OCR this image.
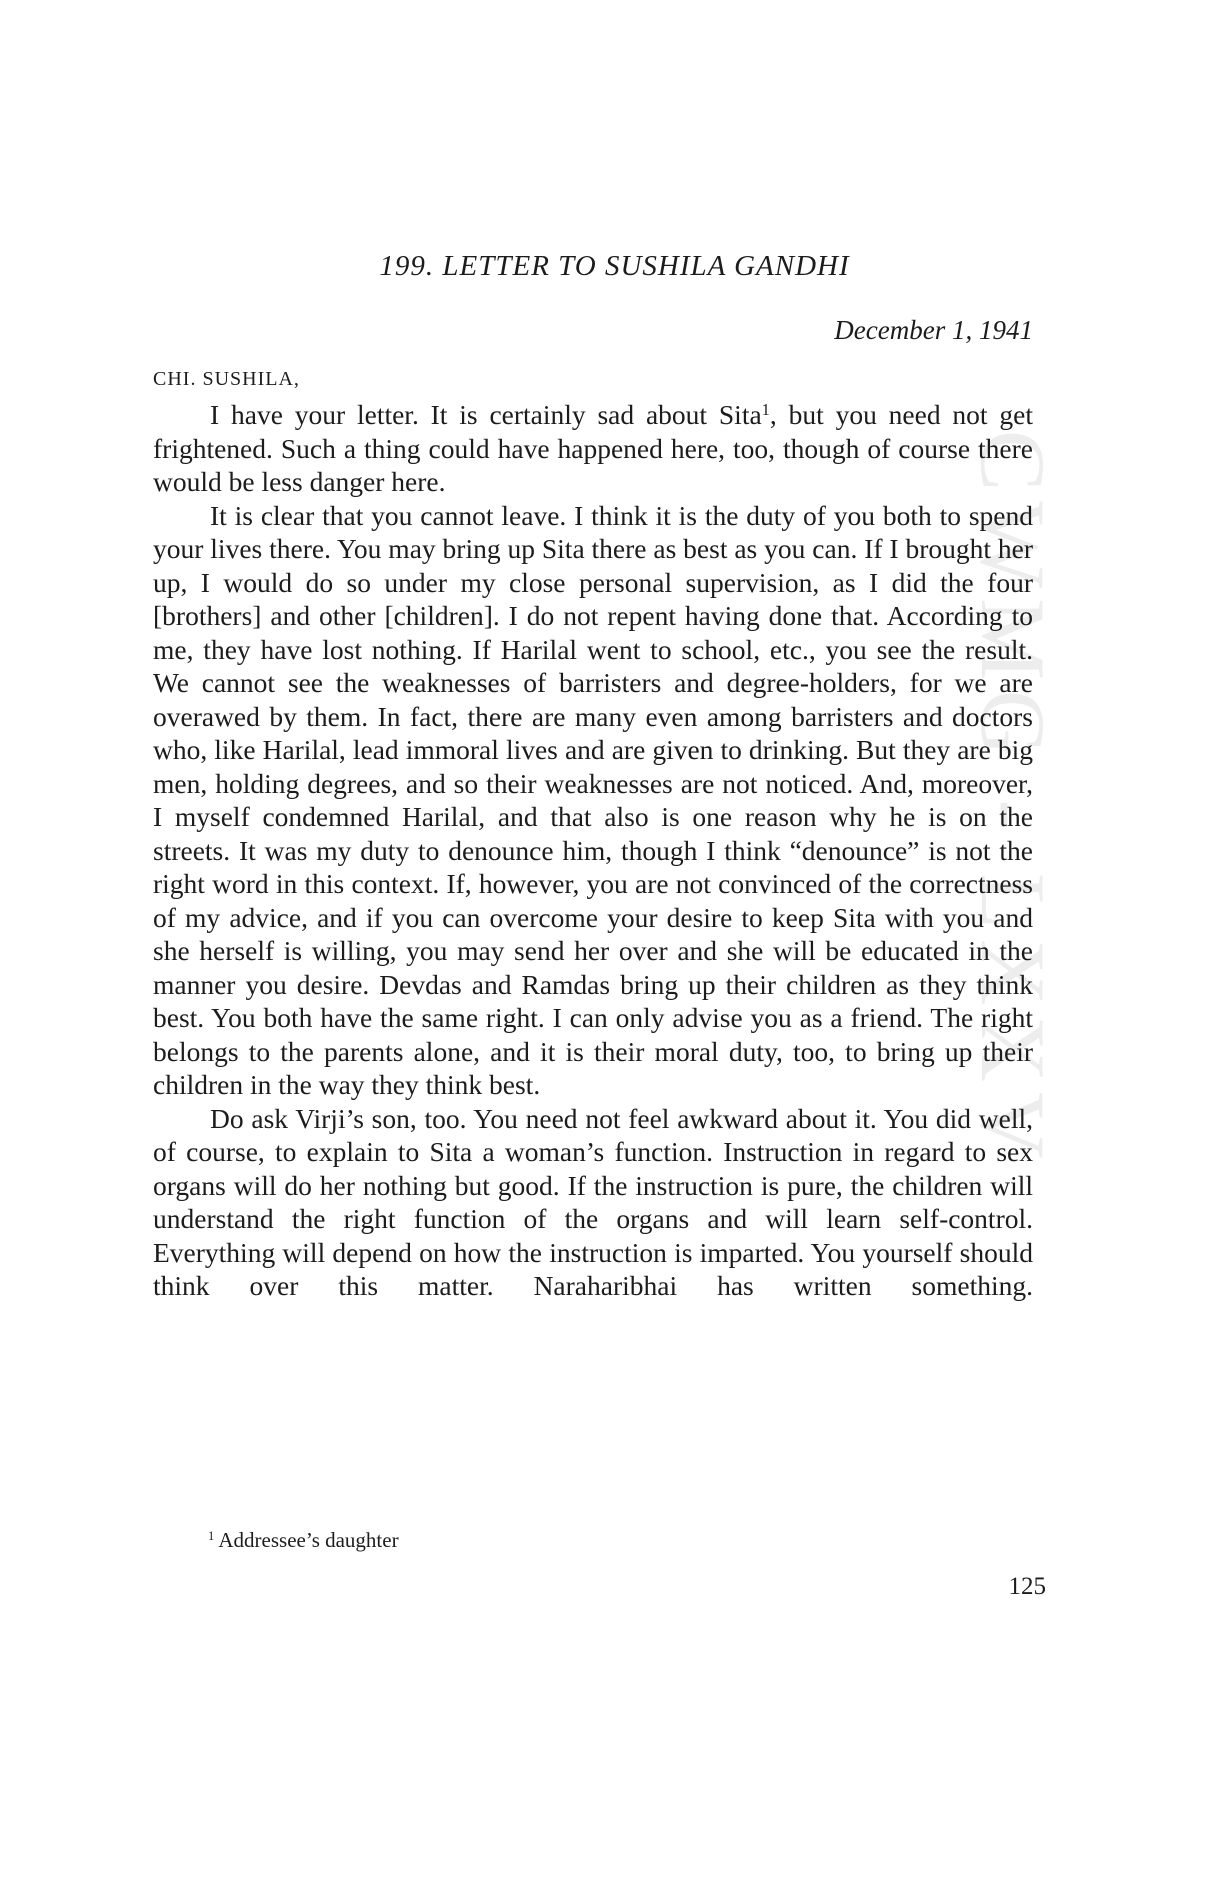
CWMG - LXXV
199. LETTER TO SUSHILA GANDHI
December 1, 1941
CHI. SUSHILA,

I have your letter. It is certainly sad about Sita$^1$, but you need not get frightened. Such a thing could have happened here, too, though of course there would be less danger here.

It is clear that you cannot leave. I think it is the duty of you both to spend your lives there. You may bring up Sita there as best as you can. If I brought her up, I would do so under my close personal supervision, as I did the four [brothers] and other [children]. I do not repent having done that. According to me, they have lost nothing. If Harilal went to school, etc., you see the result. We cannot see the weaknesses of barristers and degree-holders, for we are overawed by them. In fact, there are many even among barristers and doctors who, like Harilal, lead immoral lives and are given to drinking. But they are big men, holding degrees, and so their weaknesses are not noticed. And, moreover, I myself condemned Harilal, and that also is one reason why he is on the streets. It was my duty to denounce him, though I think “denounce” is not the right word in this context. If, however, you are not convinced of the correctness of my advice, and if you can overcome your desire to keep Sita with you and she herself is willing, you may send her over and she will be educated in the manner you desire. Devdas and Ramdas bring up their children as they think best. You both have the same right. I can only advise you as a friend. The right belongs to the parents alone, and it is their moral duty, too, to bring up their children in the way they think best.

Do ask Virji’s son, too. You need not feel awkward about it. You did well, of course, to explain to Sita a woman’s function. Instruction in regard to sex organs will do her nothing but good. If the instruction is pure, the children will understand the right function of the organs and will learn self-control. Everything will depend on how the instruction is imparted. You yourself should think over this matter. Naraharibhai has written something.

$^1$ Addressee’s daughter
125
